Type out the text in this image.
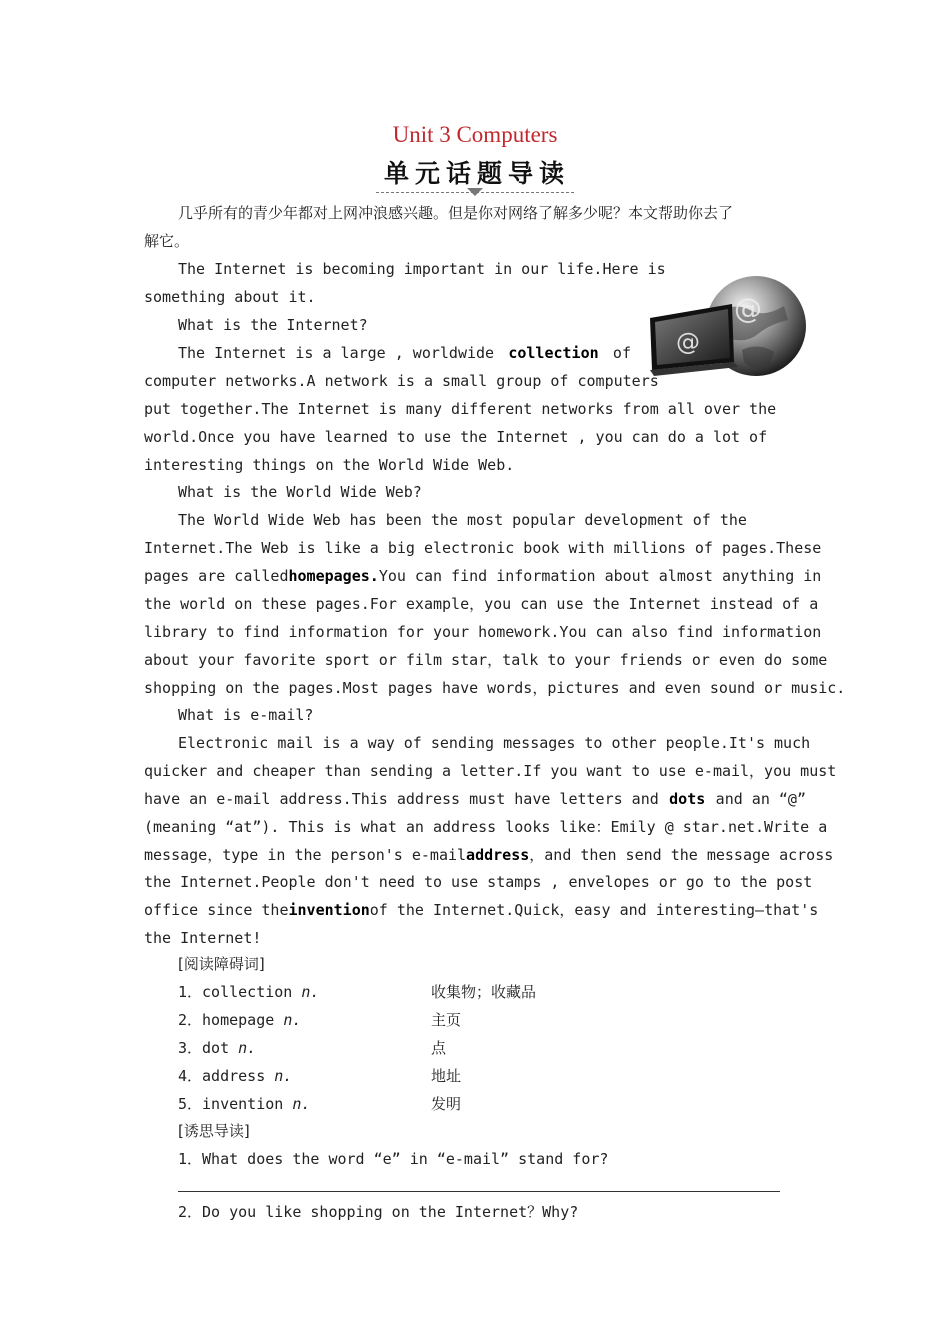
Unit 3 Computers
单元话题导读
几乎所有的青少年都对上网冲浪感兴趣。但是你对网络了解多少呢？本文帮助你去了
解它。
@
@
The Internet is becoming important in our life.Here is
something about it.
What is the Internet?
The Internet is a large , worldwide collection of
computer networks.A network is a small group of computers
put together.The Internet is many different networks from all over the
world.Once you have learned to use the Internet , you can do a lot of
interesting things on the World Wide Web.
What is the World Wide Web?
The World Wide Web has been the most popular development of the
Internet.The Web is like a big electronic book with millions of pages.These
pages are called homepages. You can find information about almost anything in
the world on these pages.For example，you can use the Internet instead of a
library to find information for your homework.You can also find information
about your favorite sport or film star，talk to your friends or even do some
shopping on the pages.Most pages have words，pictures and even sound or music.
What is e-mail?
Electronic mail is a way of sending messages to other people.It's much
quicker and cheaper than sending a letter.If you want to use e-mail，you must
have an e-mail address.This address must have letters and dots and an “@”
(meaning “at”). This is what an address looks like：Emily @ star.net.Write a
message，type in the person's e-mail address ，and then send the message across
the Internet.People don't need to use stamps , envelopes or go to the post
office since the invention of the Internet.Quick，easy and interesting—that's
the Internet!
[阅读障碍词]
1．collection n.	收集物；收藏品
2．homepage n.	主页
3．dot n.	点
4．address n.	地址
5．invention n.	发明
[诱思导读]
1．What does the word “e” in “e-mail” stand for?
2．Do you like shopping on the Internet？Why?
